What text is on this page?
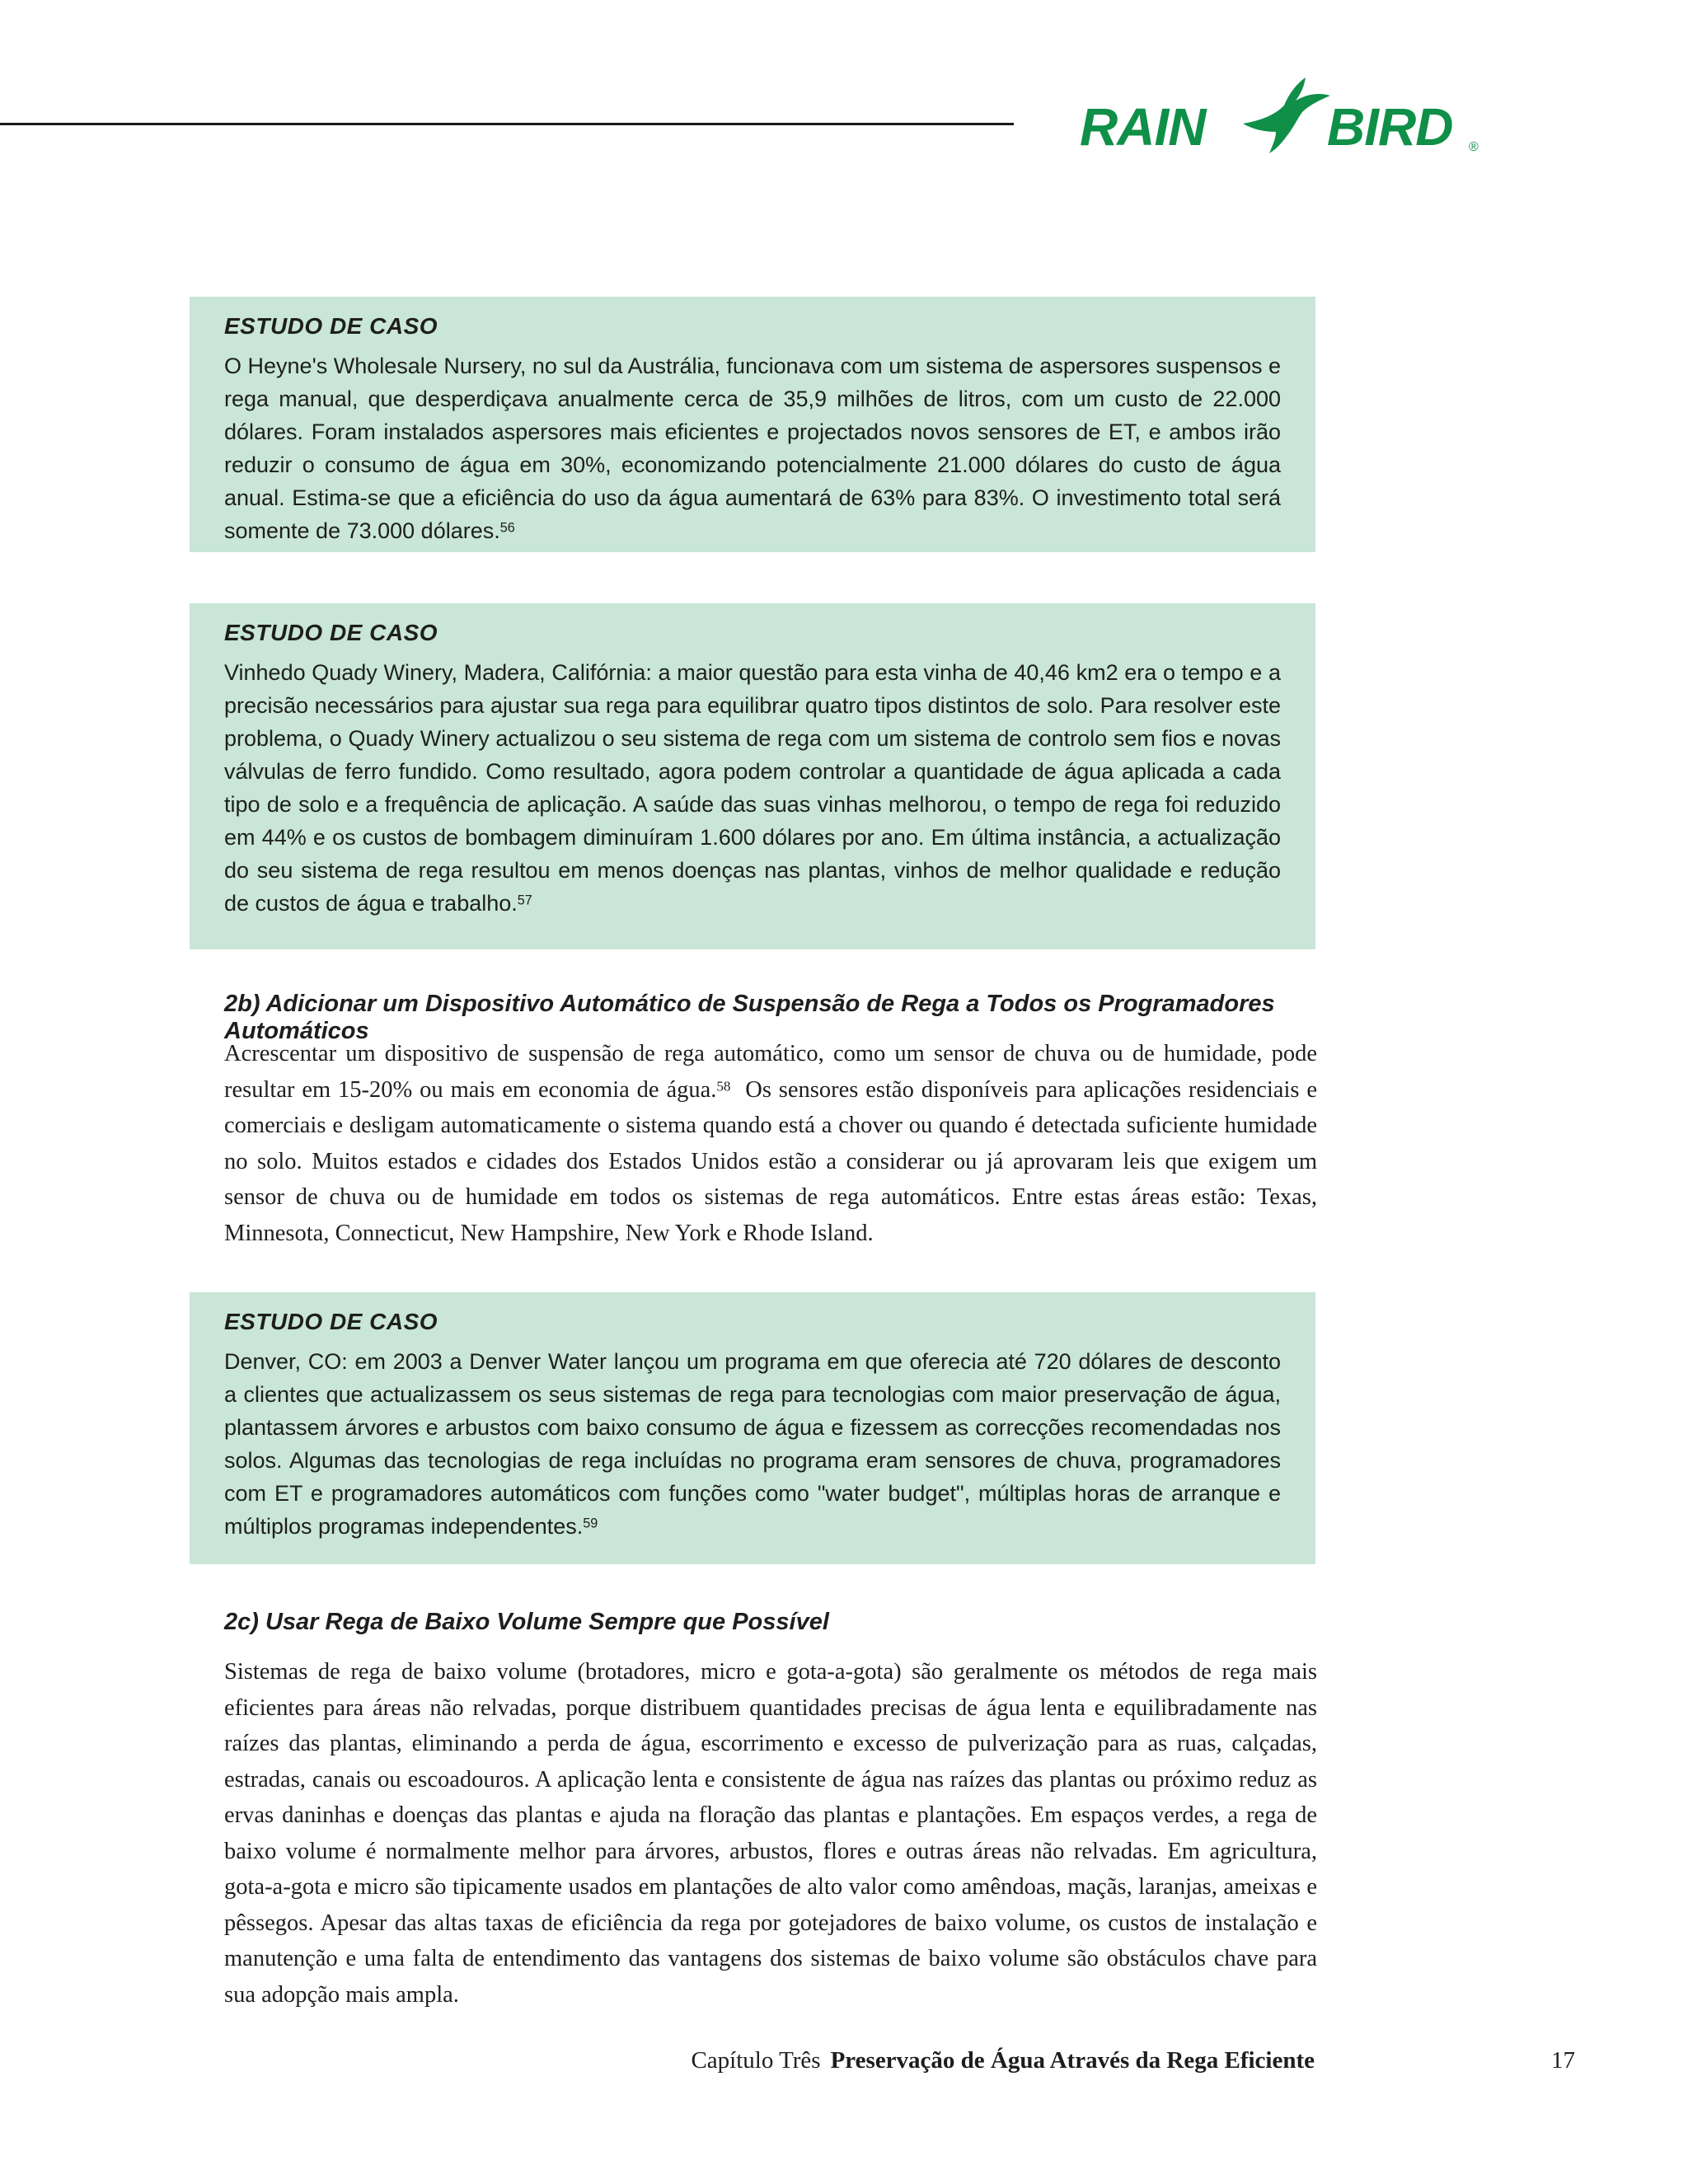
RAIN BIRD ®
ESTUDO DE CASO
O Heyne's Wholesale Nursery, no sul da Austrália, funcionava com um sistema de aspersores suspensos e rega manual, que desperdiçava anualmente cerca de 35,9 milhões de litros, com um custo de 22.000 dólares. Foram instalados aspersores mais eficientes e projectados novos sensores de ET, e ambos irão reduzir o consumo de água em 30%, economizando potencialmente 21.000 dólares do custo de água anual. Estima-se que a eficiência do uso da água aumentará de 63% para 83%. O investimento total será somente de 73.000 dólares.$^{56}$
ESTUDO DE CASO
Vinhedo Quady Winery, Madera, Califórnia: a maior questão para esta vinha de 40,46 km2 era o tempo e a precisão necessários para ajustar sua rega para equilibrar quatro tipos distintos de solo. Para resolver este problema, o Quady Winery actualizou o seu sistema de rega com um sistema de controlo sem fios e novas válvulas de ferro fundido. Como resultado, agora podem controlar a quantidade de água aplicada a cada tipo de solo e a frequência de aplicação. A saúde das suas vinhas melhorou, o tempo de rega foi reduzido em 44% e os custos de bombagem diminuíram 1.600 dólares por ano. Em última instância, a actualização do seu sistema de rega resultou em menos doenças nas plantas, vinhos de melhor qualidade e redução de custos de água e trabalho.$^{57}$
2b) Adicionar um Dispositivo Automático de Suspensão de Rega a Todos os Programadores Automáticos
Acrescentar um dispositivo de suspensão de rega automático, como um sensor de chuva ou de humidade, pode resultar em 15-20% ou mais em economia de água.$^{58}$  Os sensores estão disponíveis para aplicações residenciais e comerciais e desligam automaticamente o sistema quando está a chover ou quando é detectada suficiente humidade no solo. Muitos estados e cidades dos Estados Unidos estão a considerar ou já aprovaram leis que exigem um sensor de chuva ou de humidade em todos os sistemas de rega automáticos. Entre estas áreas estão: Texas, Minnesota, Connecticut, New Hampshire, New York e Rhode Island.
ESTUDO DE CASO
Denver, CO: em 2003 a Denver Water lançou um programa em que oferecia até 720 dólares de desconto a clientes que actualizassem os seus sistemas de rega para tecnologias com maior preservação de água, plantassem árvores e arbustos com baixo consumo de água e fizessem as correcções recomendadas nos solos. Algumas das tecnologias de rega incluídas no programa eram sensores de chuva, programadores com ET e programadores automáticos com funções como "water budget", múltiplas horas de arranque e múltiplos programas independentes.$^{59}$
2c) Usar Rega de Baixo Volume Sempre que Possível
Sistemas de rega de baixo volume (brotadores, micro e gota-a-gota) são geralmente os métodos de rega mais eficientes para áreas não relvadas, porque distribuem quantidades precisas de água lenta e equilibradamente nas raízes das plantas, eliminando a perda de água, escorrimento e excesso de pulverização para as ruas, calçadas, estradas, canais ou escoadouros. A aplicação lenta e consistente de água nas raízes das plantas ou próximo reduz as ervas daninhas e doenças das plantas e ajuda na floração das plantas e plantações. Em espaços verdes, a rega de baixo volume é normalmente melhor para árvores, arbustos, flores e outras áreas não relvadas. Em agricultura, gota-a-gota e micro são tipicamente usados em plantações de alto valor como amêndoas, maçãs, laranjas, ameixas e pêssegos. Apesar das altas taxas de eficiência da rega por gotejadores de baixo volume, os custos de instalação e manutenção e uma falta de entendimento das vantagens dos sistemas de baixo volume são obstáculos chave para sua adopção mais ampla.
Capítulo Três Preservação de Água Através da Rega Eficiente	17
